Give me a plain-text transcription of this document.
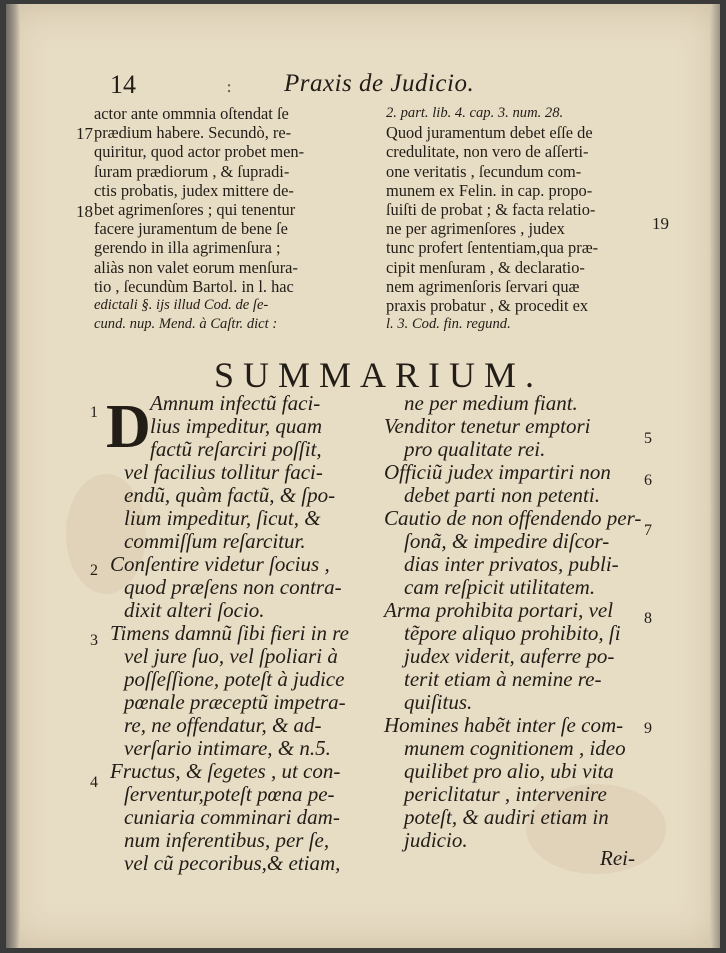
14	: Praxis de Judicio.
actor ante ommnia oſtendat ſe
prædium habere. Secundò, re-
quiritur, quod actor probet men-
ſuram prædiorum , & ſupradi-
ctis probatis, judex mittere de-
bet agrimenſores ; qui tenentur
facere juramentum de bene ſe
gerendo in illa agrimenſura ;
aliàs non valet eorum menſura-
tio , ſecundùm Bartol. in l. hac
edictali §. ijs illud Cod. de ſe-
cund. nup. Mend. à Caſtr. dict :
2. part. lib. 4. cap. 3. num. 28.
Quod juramentum debet eſſe de
credulitate, non vero de aſſerti-
one veritatis , ſecundum com-
munem ex Felin. in cap. propo-
ſuiſti de probat ; & facta relatio-
ne per agrimenſores , judex
tunc profert ſententiam,qua præ-
cipit menſuram , & declaratio-
nem agrimenſoris ſervari quæ
praxis probatur , & procedit ex
l. 3. Cod. fin. regund.
17
18
19
SUMMARIUM.
D Amnum infectũ faci-
lius impeditur, quam
factũ reſarciri poſſit,
vel facilius tollitur faci-
endũ, quàm factũ, & ſpo-
lium impeditur, ſicut, &
commiſſum reſarcitur.
Conſentire videtur ſocius ,
quod præſens non contra-
dixit alteri ſocio.
Timens damnũ ſibi fieri in re
vel jure ſuo, vel ſpoliari à
poſſeſſione, poteſt à judice
pœnale præceptũ impetra-
re, ne offendatur, & ad-
verſario intimare, & n.5.
Fructus, & ſegetes , ut con-
ſerventur,poteſt pœna pe-
cuniaria comminari dam-
num inferentibus, per ſe,
vel cũ pecoribus,& etiam,
ne per medium fiant.
Venditor tenetur emptori
pro qualitate rei.
Officiũ judex impartiri non
debet parti non petenti.
Cautio de non offendendo per-
ſonã, & impedire diſcor-
dias inter privatos, publi-
cam reſpicit utilitatem.
Arma prohibita portari, vel
tẽpore aliquo prohibito, ſi
judex viderit, auferre po-
terit etiam à nemine re-
quiſitus.
Homines habẽt inter ſe com-
munem cognitionem , ideo
quilibet pro alio, ubi vita
periclitatur , intervenire
poteſt, & audiri etiam in
judicio.
1
2
3
4
5
6
7
8
9
Rei-
